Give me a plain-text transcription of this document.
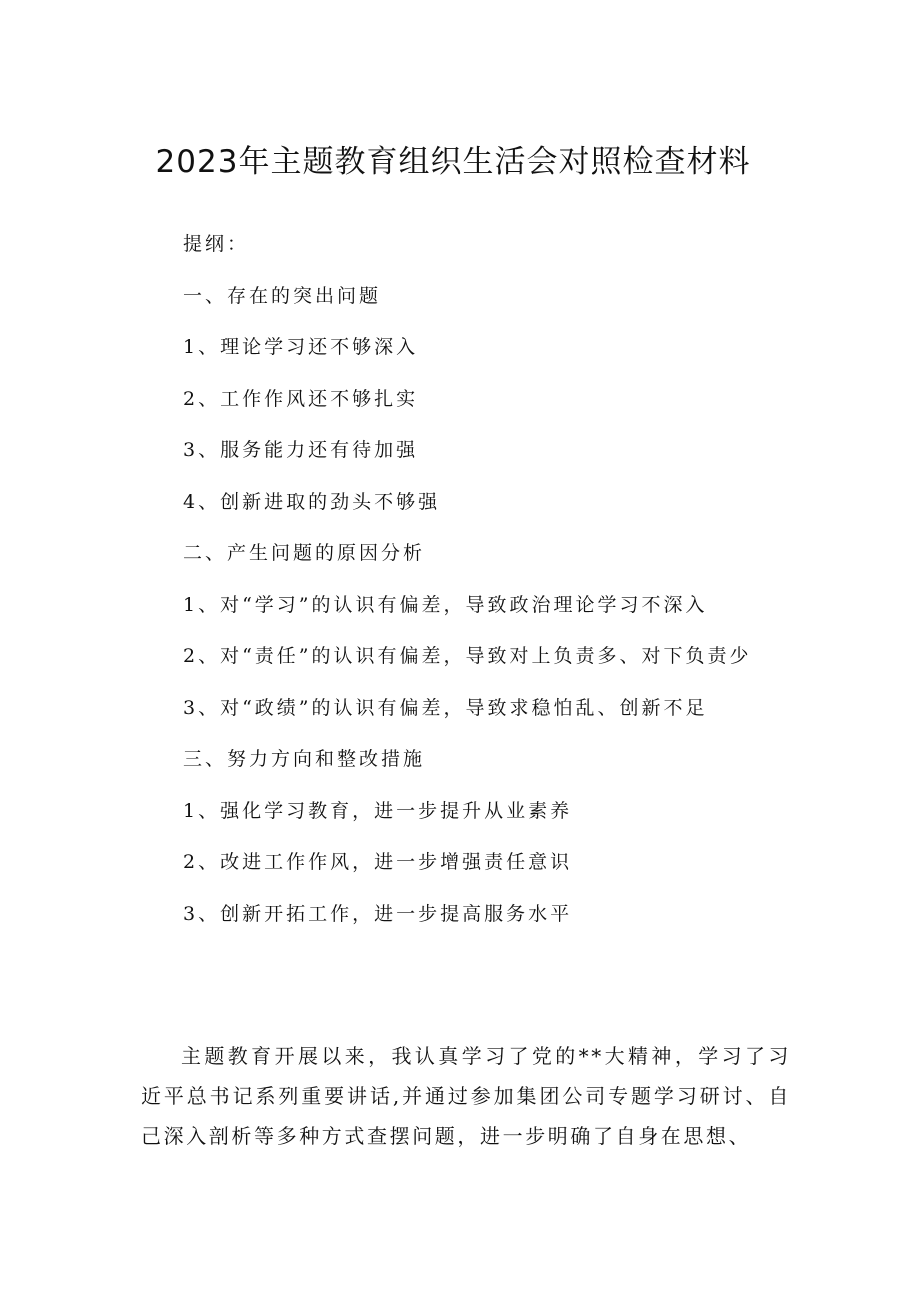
2023年主题教育组织生活会对照检查材料
提纲：
一、存在的突出问题
1、理论学习还不够深入
2、工作作风还不够扎实
3、服务能力还有待加强
4、创新进取的劲头不够强
二、产生问题的原因分析
1、对“学习”的认识有偏差，导致政治理论学习不深入
2、对“责任”的认识有偏差，导致对上负责多、对下负责少
3、对“政绩”的认识有偏差，导致求稳怕乱、创新不足
三、努力方向和整改措施
1、强化学习教育，进一步提升从业素养
2、改进工作作风，进一步增强责任意识
3、创新开拓工作，进一步提高服务水平

主题教育开展以来，我认真学习了党的**大精神，学习了习近平总书记系列重要讲话,并通过参加集团公司专题学习研讨、自己深入剖析等多种方式查摆问题，进一步明确了自身在思想、
